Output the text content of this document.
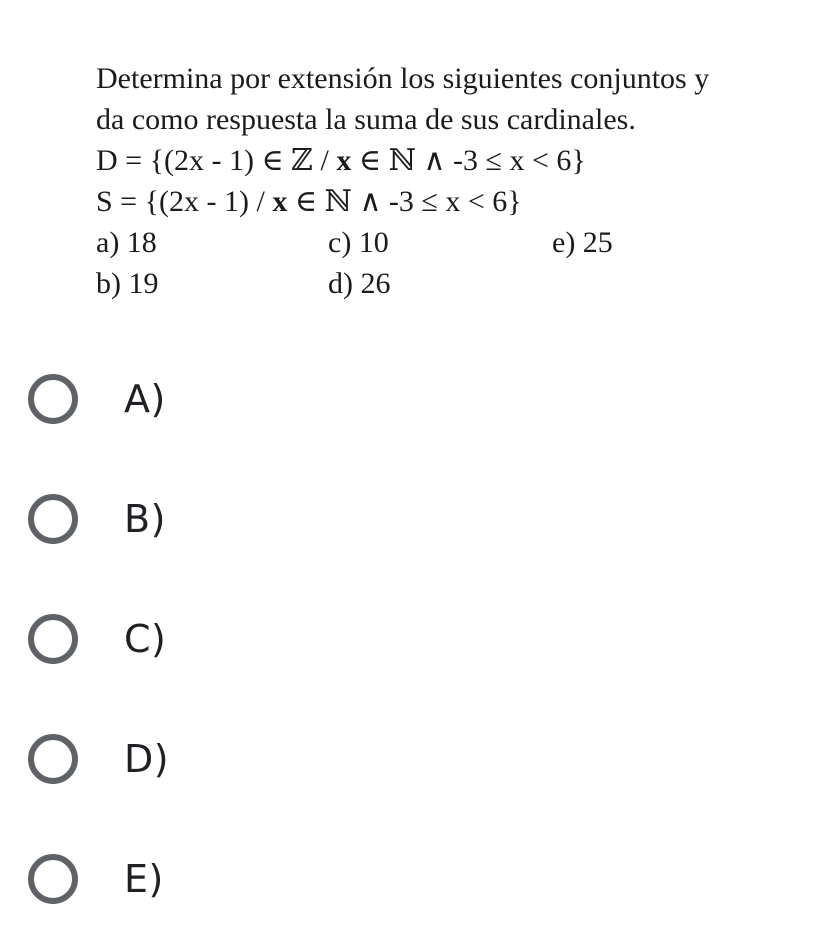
Determina por extensión los siguientes conjuntos y
da como respuesta la suma de sus cardinales.
D = {(2x - 1) ∈ ℤ / x ∈ ℕ ∧ -3 ≤ x < 6}
S = {(2x - 1) / x ∈ ℕ ∧ -3 ≤ x < 6}
a) 18	c) 10	e) 25
b) 19	d) 26
A)
B)
C)
D)
E)
